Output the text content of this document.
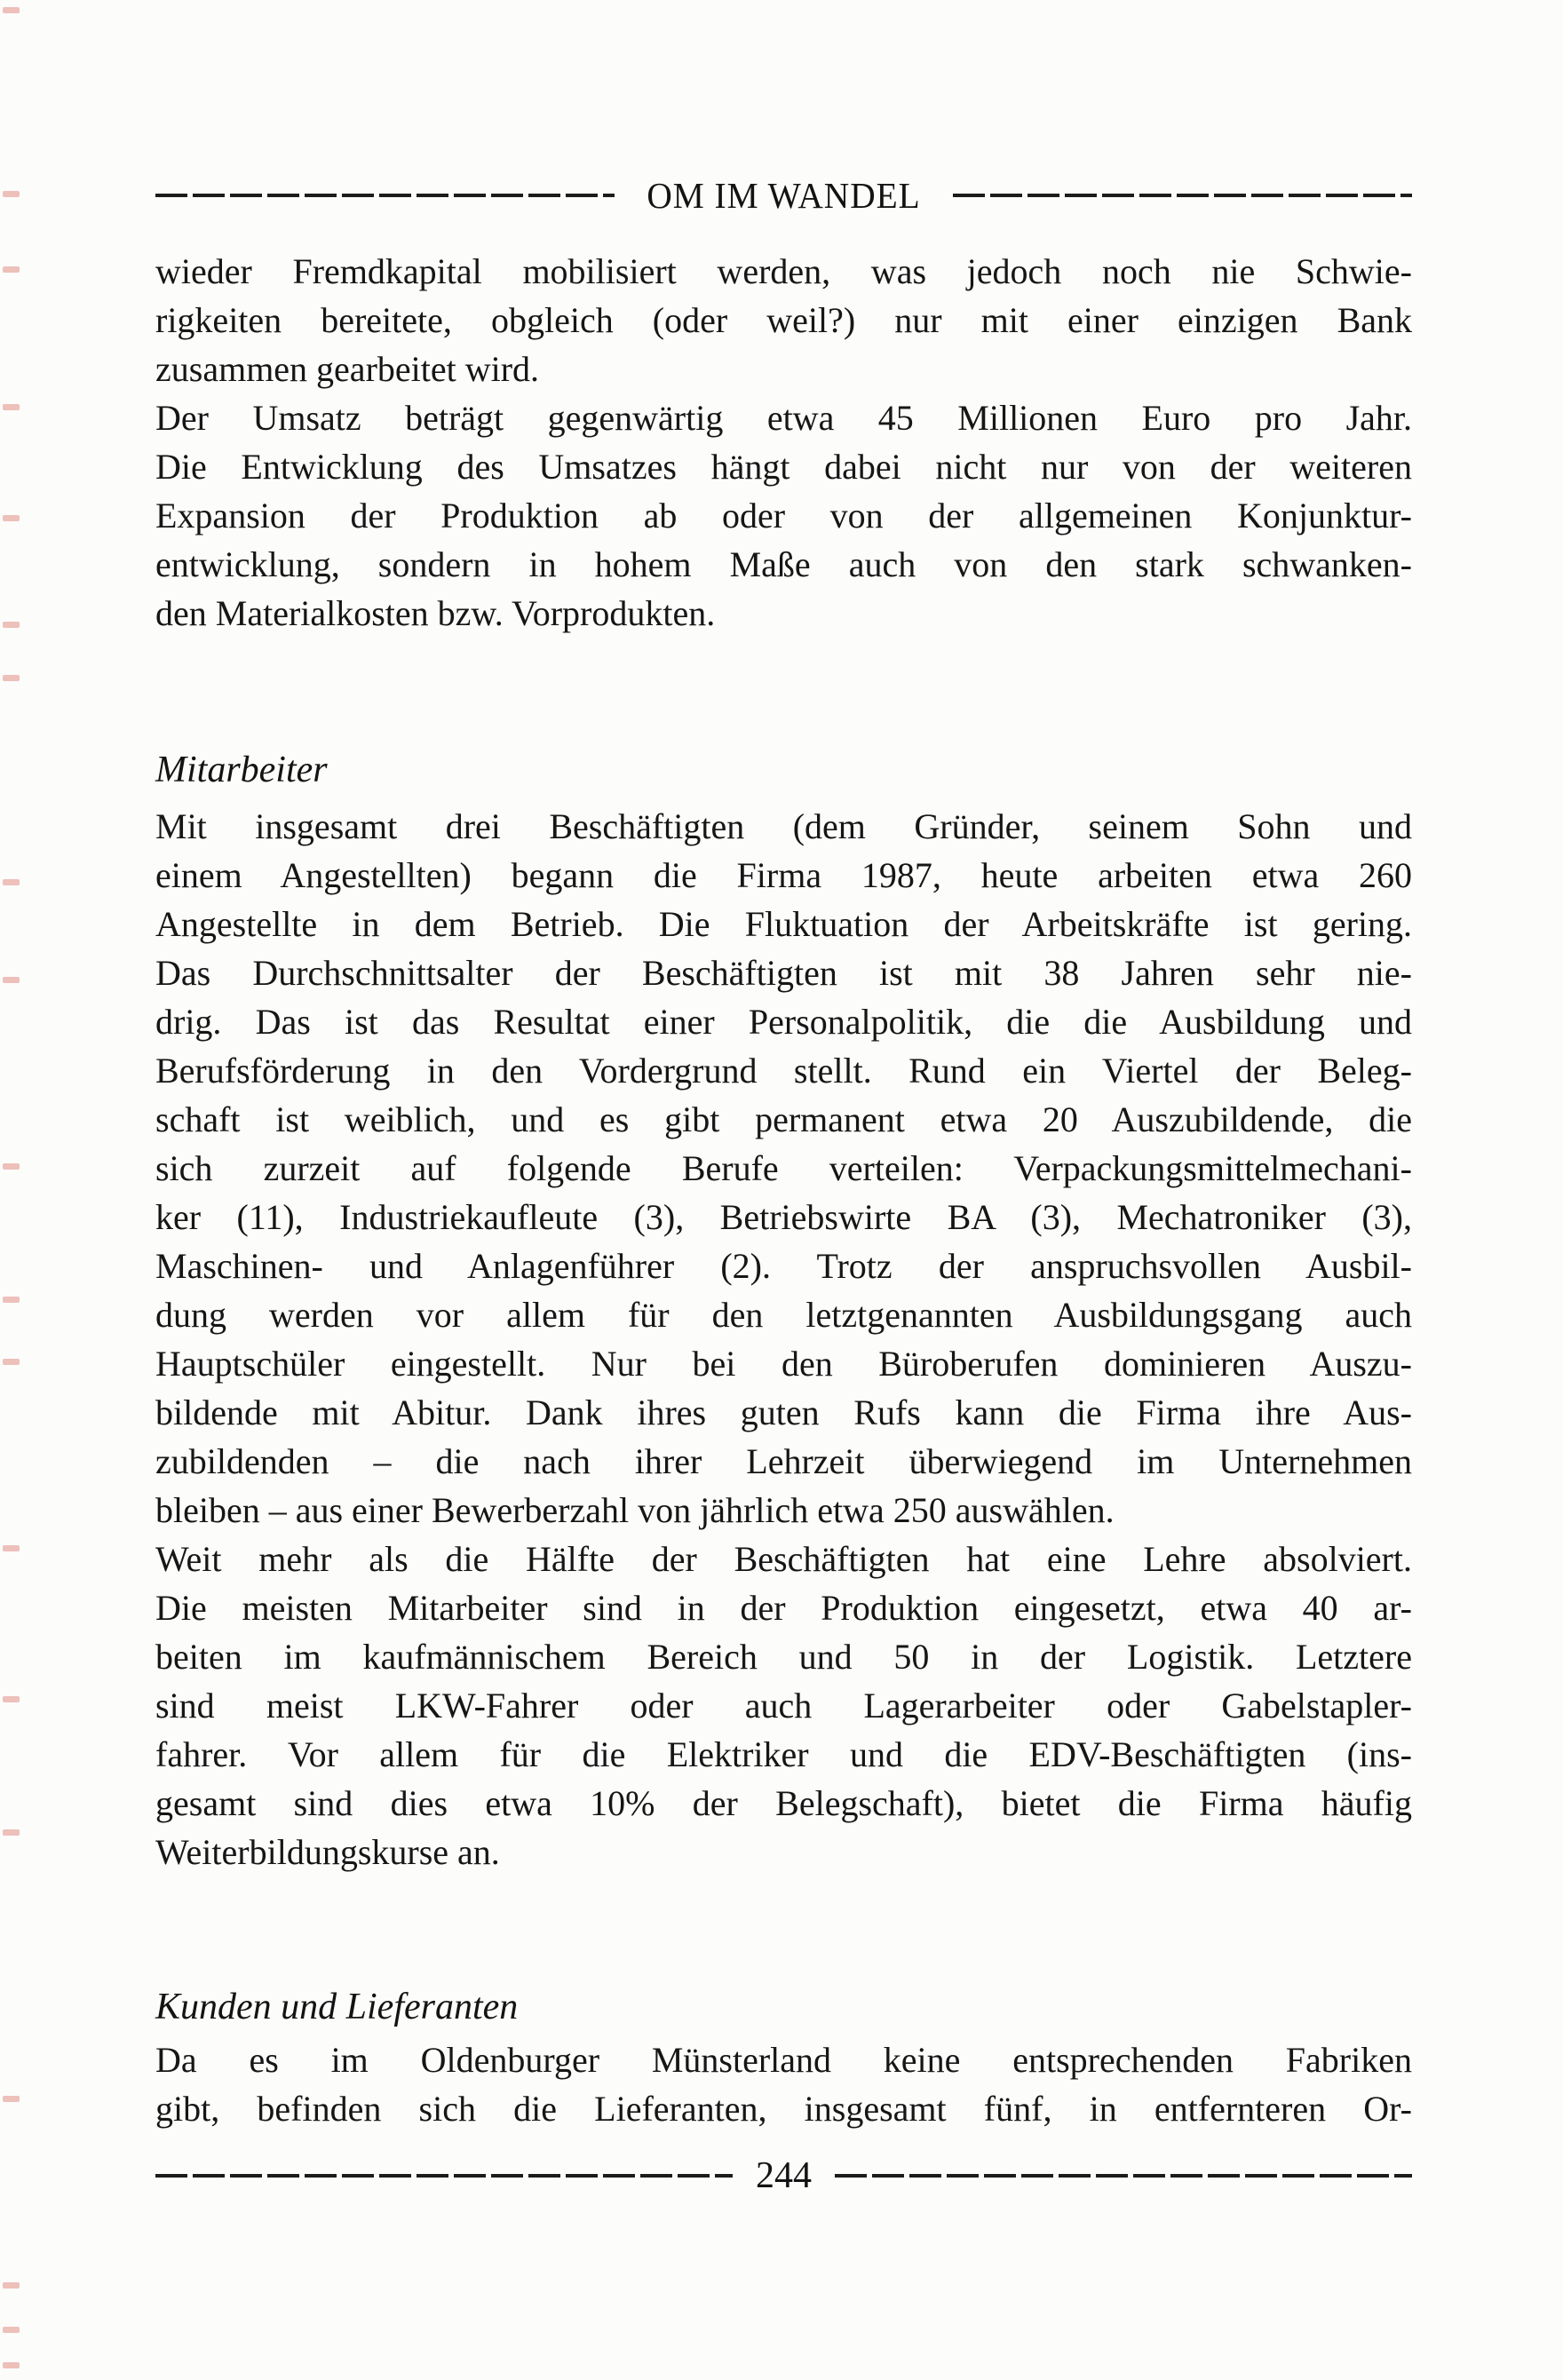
OM IM WANDEL
wieder Fremdkapital mobilisiert werden, was jedoch noch nie Schwie-
rigkeiten bereitete, obgleich (oder weil?) nur mit einer einzigen Bank
zusammen gearbeitet wird.
Der Umsatz beträgt gegenwärtig etwa 45 Millionen Euro pro Jahr.
Die Entwicklung des Umsatzes hängt dabei nicht nur von der weiteren
Expansion der Produktion ab oder von der allgemeinen Konjunktur-
entwicklung, sondern in hohem Maße auch von den stark schwanken-
den Materialkosten bzw. Vorprodukten.
Mitarbeiter
Mit insgesamt drei Beschäftigten (dem Gründer, seinem Sohn und
einem Angestellten) begann die Firma 1987, heute arbeiten etwa 260
Angestellte in dem Betrieb. Die Fluktuation der Arbeitskräfte ist gering.
Das Durchschnittsalter der Beschäftigten ist mit 38 Jahren sehr nie-
drig. Das ist das Resultat einer Personalpolitik, die die Ausbildung und
Berufsförderung in den Vordergrund stellt. Rund ein Viertel der Beleg-
schaft ist weiblich, und es gibt permanent etwa 20 Auszubildende, die
sich zurzeit auf folgende Berufe verteilen: Verpackungsmittelmechani-
ker (11), Industriekaufleute (3), Betriebswirte BA (3), Mechatroniker (3),
Maschinen- und Anlagenführer (2). Trotz der anspruchsvollen Ausbil-
dung werden vor allem für den letztgenannten Ausbildungsgang auch
Hauptschüler eingestellt. Nur bei den Büroberufen dominieren Auszu-
bildende mit Abitur. Dank ihres guten Rufs kann die Firma ihre Aus-
zubildenden – die nach ihrer Lehrzeit überwiegend im Unternehmen
bleiben – aus einer Bewerberzahl von jährlich etwa 250 auswählen.
Weit mehr als die Hälfte der Beschäftigten hat eine Lehre absolviert.
Die meisten Mitarbeiter sind in der Produktion eingesetzt, etwa 40 ar-
beiten im kaufmännischem Bereich und 50 in der Logistik. Letztere
sind meist LKW-Fahrer oder auch Lagerarbeiter oder Gabelstapler-
fahrer. Vor allem für die Elektriker und die EDV-Beschäftigten (ins-
gesamt sind dies etwa 10% der Belegschaft), bietet die Firma häufig
Weiterbildungskurse an.
Kunden und Lieferanten
Da es im Oldenburger Münsterland keine entsprechenden Fabriken
gibt, befinden sich die Lieferanten, insgesamt fünf, in entfernteren Or-
244
